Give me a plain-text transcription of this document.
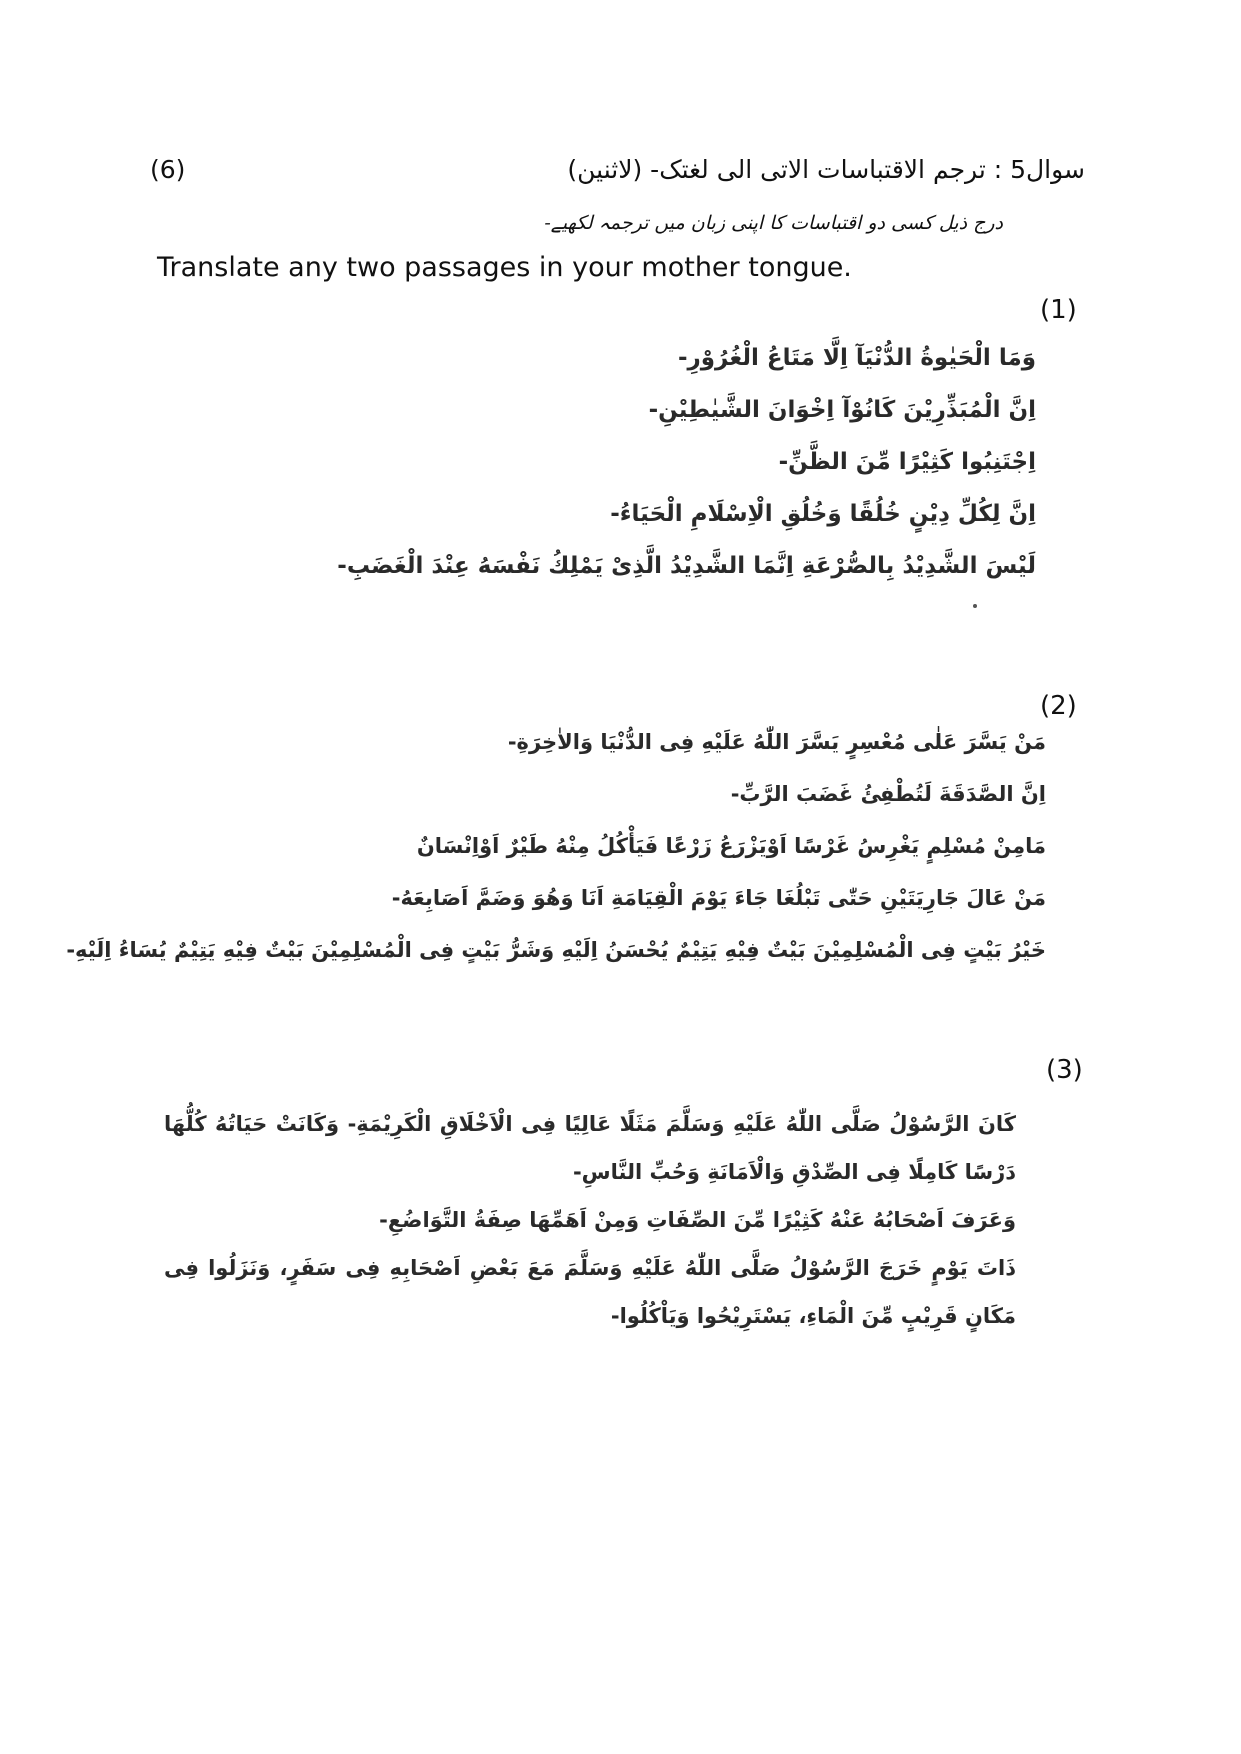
(6)	سوال5 : ترجم الاقتباسات الاتی الی لغتک- (لاثنین)
درج ذیل کسی دو اقتباسات کا اپنی زبان میں ترجمہ لکھیے-
Translate any two passages in your mother tongue.
(1)
وَمَا الْحَيٰوةُ الدُّنْيَآ اِلَّا مَتَاعُ الْغُرُوْرِ-
اِنَّ الْمُبَذِّرِيْنَ كَانُوْآ اِخْوَانَ الشَّيٰطِيْنِ-
اِجْتَنِبُوا كَثِيْرًا مِّنَ الظَّنِّ-
اِنَّ لِكُلِّ دِيْنٍ خُلُقًا وَخُلُقِ الْاِسْلَامِ الْحَيَاءُ-
لَيْسَ الشَّدِيْدُ بِالصُّرْعَةِ اِنَّمَا الشَّدِيْدُ الَّذِىْ يَمْلِكُ نَفْسَهُ عِنْدَ الْغَضَبِ-
(2)
مَنْ يَسَّرَ عَلٰى مُعْسِرٍ يَسَّرَ اللّٰهُ عَلَيْهِ فِى الدُّنْيَا وَالاٰخِرَةِ-
اِنَّ الصَّدَقَةَ لَتُطْفِئُ غَضَبَ الرَّبِّ-
مَامِنْ مُسْلِمٍ يَغْرِسُ غَرْسًا اَوْيَزْرَعُ زَرْعًا فَيَأْكُلُ مِنْهُ طَيْرٌ اَوْاِنْسَانٌ
مَنْ عَالَ جَارِيَتَيْنِ حَتّٰى تَبْلُغَا جَاءَ يَوْمَ الْقِيَامَةِ اَنَا وَهُوَ وَضَمَّ اَصَابِعَهُ-
خَيْرُ بَيْتٍ فِى الْمُسْلِمِيْنَ بَيْتٌ فِيْهِ يَتِيْمٌ يُحْسَنُ اِلَيْهِ وَشَرُّ بَيْتٍ فِى الْمُسْلِمِيْنَ بَيْتٌ فِيْهِ يَتِيْمٌ يُسَاءُ اِلَيْهِ-
(3)
كَانَ الرَّسُوْلُ صَلَّى اللّٰهُ عَلَيْهِ وَسَلَّمَ مَثَلًا عَالِيًا فِى الْاَخْلَاقِ الْكَرِيْمَةِ- وَكَانَتْ حَيَاتُهُ كُلُّهَا دَرْسًا كَامِلًا فِى الصِّدْقِ وَالْاَمَانَةِ وَحُبِّ النَّاسِ-
وَعَرَفَ اَصْحَابُهُ عَنْهُ كَثِيْرًا مِّنَ الصِّفَاتِ وَمِنْ اَهَمِّهَا صِفَةُ التَّوَاضُعِ-
ذَاتَ يَوْمٍ خَرَجَ الرَّسُوْلُ صَلَّى اللّٰهُ عَلَيْهِ وَسَلَّمَ مَعَ بَعْضِ اَصْحَابِهِ فِى سَفَرٍ، وَنَزَلُوا فِى مَكَانٍ قَرِيْبٍ مِّنَ الْمَاءِ، يَسْتَرِيْحُوا وَيَاْكُلُوا-
